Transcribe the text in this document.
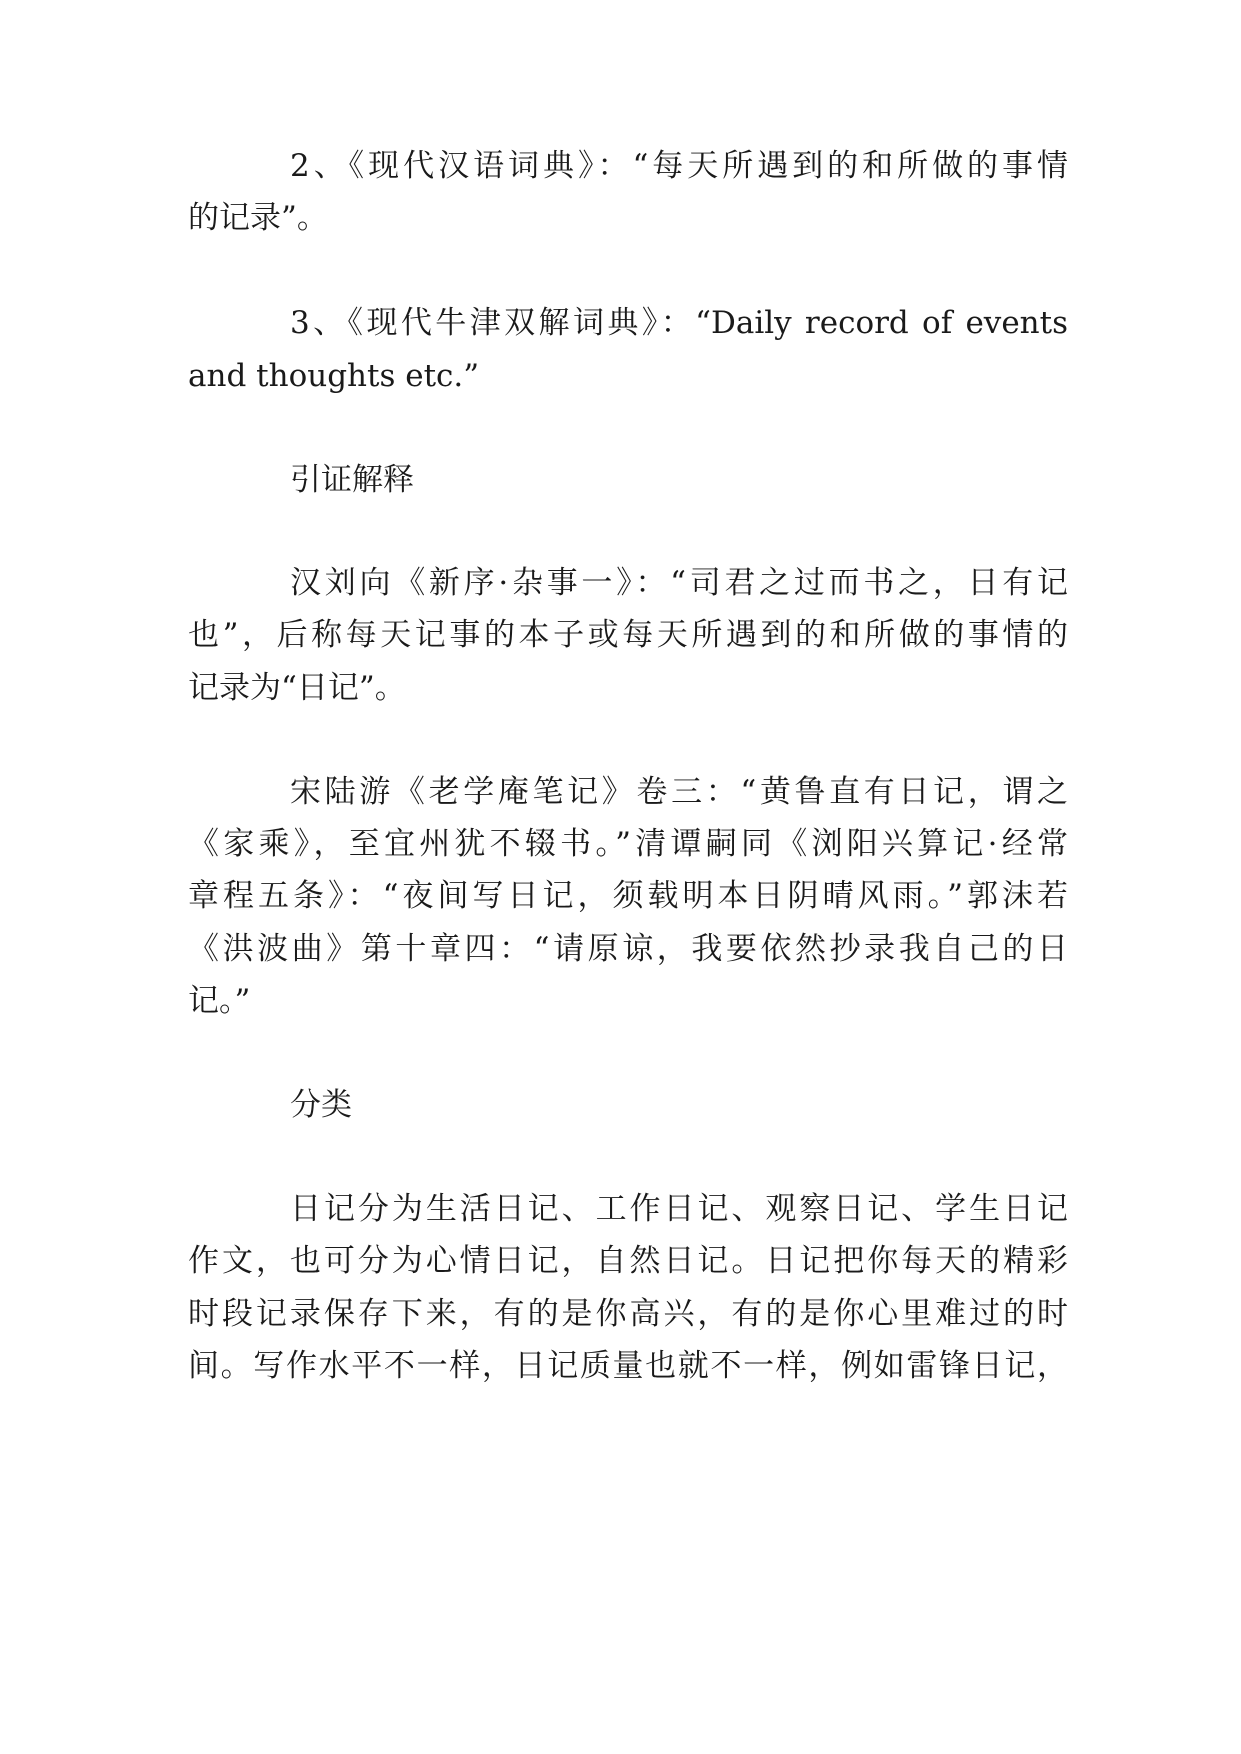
2、《现代汉语词典》：“每天所遇到的和所做的事情
的记录”。
3、《现代牛津双解词典》：“Daily record of events
and thoughts etc.”
引证解释
汉刘向《新序·杂事一》：“司君之过而书之，日有记
也”，后称每天记事的本子或每天所遇到的和所做的事情的
记录为“日记”。
宋陆游《老学庵笔记》卷三：“黄鲁直有日记，谓之
《家乘》，至宜州犹不辍书。”清谭嗣同《浏阳兴算记·经常
章程五条》：“夜间写日记，须载明本日阴晴风雨。”郭沫若
《洪波曲》第十章四：“请原谅，我要依然抄录我自己的日
记。”
分类
日记分为生活日记、工作日记、观察日记、学生日记
作文，也可分为心情日记，自然日记。日记把你每天的精彩
时段记录保存下来，有的是你高兴，有的是你心里难过的时
间。写作水平不一样，日记质量也就不一样，例如雷锋日记，
